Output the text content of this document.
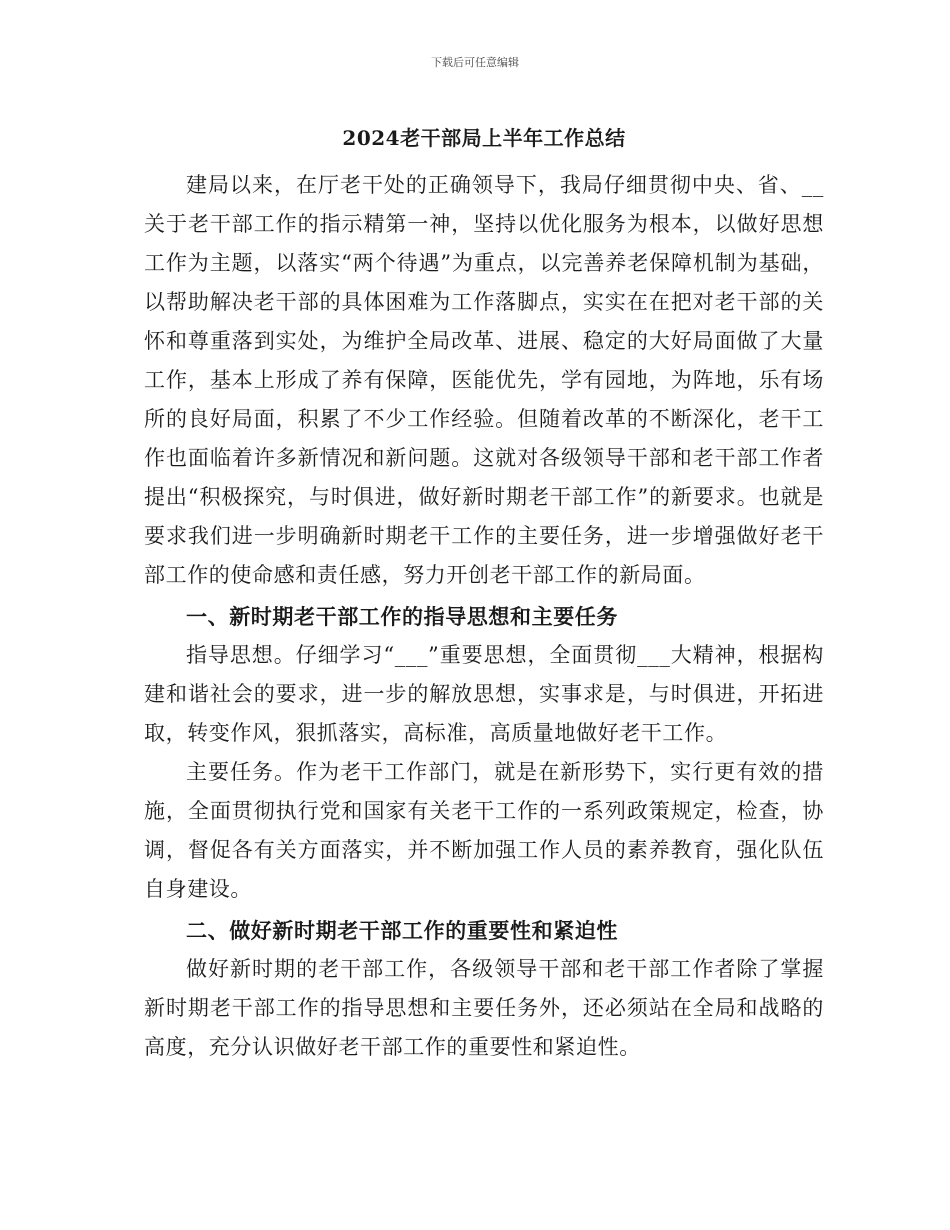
下载后可任意编辑
2024老干部局上半年工作总结

建局以来，在厅老干处的正确领导下，我局仔细贯彻中央、省、__关于老干部工作的指示精第一神，坚持以优化服务为根本，以做好思想工作为主题，以落实“两个待遇”为重点，以完善养老保障机制为基础，以帮助解决老干部的具体困难为工作落脚点，实实在在把对老干部的关怀和尊重落到实处，为维护全局改革、进展、稳定的大好局面做了大量工作，基本上形成了养有保障，医能优先，学有园地，为阵地，乐有场所的良好局面，积累了不少工作经验。但随着改革的不断深化，老干工作也面临着许多新情况和新问题。这就对各级领导干部和老干部工作者提出“积极探究，与时俱进，做好新时期老干部工作”的新要求。也就是要求我们进一步明确新时期老干工作的主要任务，进一步增强做好老干部工作的使命感和责任感，努力开创老干部工作的新局面。

一、新时期老干部工作的指导思想和主要任务

指导思想。仔细学习“___”重要思想，全面贯彻___大精神，根据构建和谐社会的要求，进一步的解放思想，实事求是，与时俱进，开拓进取，转变作风，狠抓落实，高标准，高质量地做好老干工作。

主要任务。作为老干工作部门，就是在新形势下，实行更有效的措施，全面贯彻执行党和国家有关老干工作的一系列政策规定，检查，协调，督促各有关方面落实，并不断加强工作人员的素养教育，强化队伍自身建设。

二、做好新时期老干部工作的重要性和紧迫性

做好新时期的老干部工作，各级领导干部和老干部工作者除了掌握新时期老干部工作的指导思想和主要任务外，还必须站在全局和战略的高度，充分认识做好老干部工作的重要性和紧迫性。
